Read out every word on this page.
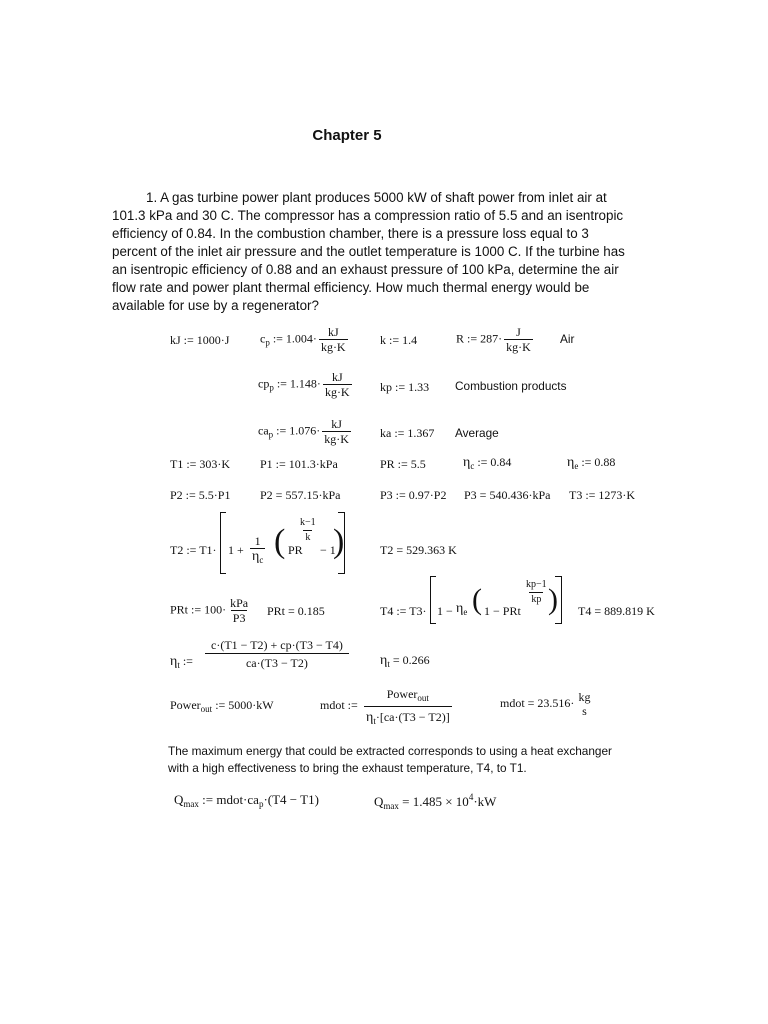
Chapter 5
1. A gas turbine power plant produces 5000 kW of shaft power from inlet air at
101.3 kPa and 30 C. The compressor has a compression ratio of 5.5 and an isentropic
efficiency of 0.84. In the combustion chamber, there is a pressure loss equal to 3
percent of the inlet air pressure and the outlet temperature is 1000 C. If the turbine has
an isentropic efficiency of 0.88 and an exhaust pressure of 100 kPa, determine the air
flow rate and power plant thermal efficiency. How much thermal energy would be
available for use by a regenerator?
kJ := 1000·J	$c_p$ := $1.004\cdot \frac{kJ}{kg\cdot K}$	k := 1.4	R := $287\cdot \frac{J}{kg\cdot K}$ Air
$cp_p$ := $1.148\cdot \frac{kJ}{kg\cdot K}$ kp := 1.33 Combustion products
$ca_p$ := $1.076\cdot \frac{kJ}{kg\cdot K}$ ka := 1.367 Average
T1 := 303·K P1 := 101.3·kPa	PR := 5.5	$\eta_c$ := 0.84	$\eta_e$ := 0.88
P2 := 5.5·P1 P2 = 557.15·kPa	P3 := 0.97·P2 P3 = 540.436·kPa T3 := 1273·K
T2 := $T1\cdot 1 + \frac{1}{\eta_c}$ ( PR
$\frac{k-1}{k}$
− 1
)	T2 = 529.363 K
PRt := $100\cdot \frac{\text{kPa}}{P3}$ PRt = 0.185	T4 := $T3\cdot 1 - \eta_e$ ( 1 − PRt
$\frac{kp-1}{kp}$ ) T4 = 889.819 K
$\eta_t$ := $\frac{c\cdot(T1 - T2) + cp\cdot(T3 - T4)}{ca\cdot(T3 - T2)} \eta_t = 0.266$
Power$_{out}$ := 5000·kW	mdot :=
Power$_{out}$
$\eta_t\cdot[ca\cdot(T3 - T2)]$
mdot = 23.516· kg
s
The maximum energy that could be extracted corresponds to using a heat exchanger
with a high effectiveness to bring the exhaust temperature, T4, to T1.
$Q_{max}$ := $mdot\cdot ca_p\cdot(T4 - T1)$	$Q_{max} = 1.485 \times 10^4\cdot kW$
